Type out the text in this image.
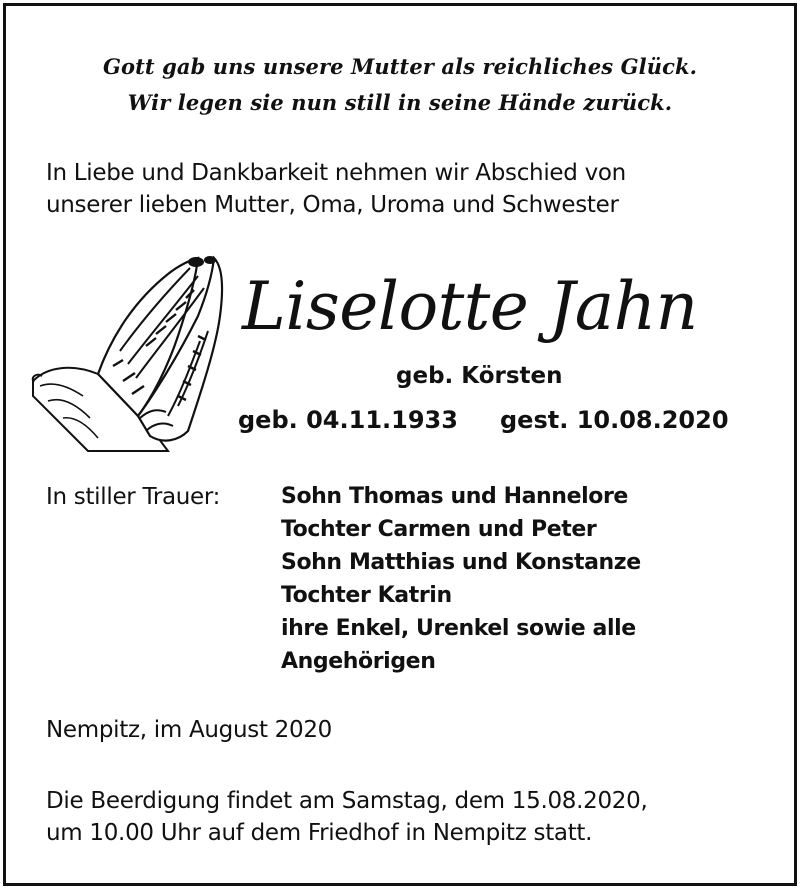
Gott gab uns unsere Mutter als reichliches Glück.

Wir legen sie nun still in seine Hände zurück.

In Liebe und Dankbarkeit nehmen wir Abschied von

unserer lieben Mutter, Oma, Uroma und Schwester

Liselotte Jahn

geb. Körsten

geb. 04.11.1933 gest. 10.08.2020

In stiller Trauer:	Sohn Thomas und Hannelore

Tochter Carmen und Peter

Sohn Matthias und Konstanze

Tochter Katrin

ihre Enkel, Urenkel sowie alle

Angehörigen

Nempitz, im August 2020

Die Beerdigung findet am Samstag, dem 15.08.2020,

um 10.00 Uhr auf dem Friedhof in Nempitz statt.
